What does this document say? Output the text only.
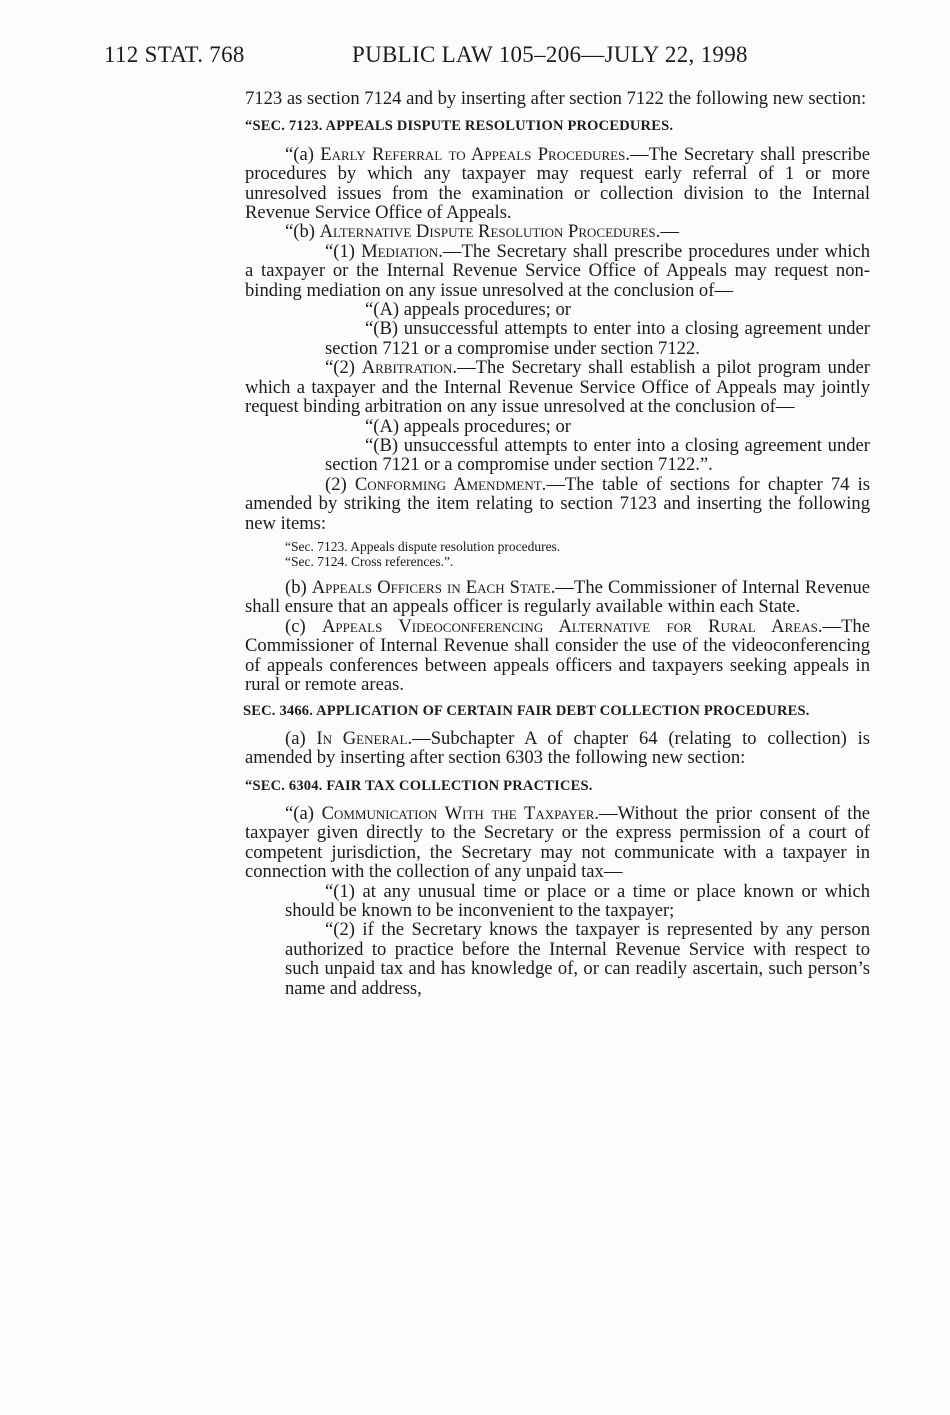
112 STAT. 768	PUBLIC LAW 105–206—JULY 22, 1998

7123 as section 7124 and by inserting after section 7122 the following new section:

“SEC. 7123. APPEALS DISPUTE RESOLUTION PROCEDURES.

“(a) Early Referral to Appeals Procedures.—The Secretary shall prescribe procedures by which any taxpayer may request early referral of 1 or more unresolved issues from the examination or collection division to the Internal Revenue Service Office of Appeals.

“(b) Alternative Dispute Resolution Procedures.—

“(1) Mediation.—The Secretary shall prescribe procedures under which a taxpayer or the Internal Revenue Service Office of Appeals may request non-binding mediation on any issue unresolved at the conclusion of—

“(A) appeals procedures; or

“(B) unsuccessful attempts to enter into a closing agreement under section 7121 or a compromise under section 7122.

“(2) Arbitration.—The Secretary shall establish a pilot program under which a taxpayer and the Internal Revenue Service Office of Appeals may jointly request binding arbitration on any issue unresolved at the conclusion of—

“(A) appeals procedures; or

“(B) unsuccessful attempts to enter into a closing agreement under section 7121 or a compromise under section 7122.”.

(2) Conforming Amendment.—The table of sections for chapter 74 is amended by striking the item relating to section 7123 and inserting the following new items:

“Sec. 7123. Appeals dispute resolution procedures.
“Sec. 7124. Cross references.”.

(b) Appeals Officers in Each State.—The Commissioner of Internal Revenue shall ensure that an appeals officer is regularly available within each State.

(c) Appeals Videoconferencing Alternative for Rural Areas.—The Commissioner of Internal Revenue shall consider the use of the videoconferencing of appeals conferences between appeals officers and taxpayers seeking appeals in rural or remote areas.

SEC. 3466. APPLICATION OF CERTAIN FAIR DEBT COLLECTION PROCEDURES.

(a) In General.—Subchapter A of chapter 64 (relating to collection) is amended by inserting after section 6303 the following new section:

“SEC. 6304. FAIR TAX COLLECTION PRACTICES.

“(a) Communication With the Taxpayer.—Without the prior consent of the taxpayer given directly to the Secretary or the express permission of a court of competent jurisdiction, the Secretary may not communicate with a taxpayer in connection with the collection of any unpaid tax—

“(1) at any unusual time or place or a time or place known or which should be known to be inconvenient to the taxpayer;

“(2) if the Secretary knows the taxpayer is represented by any person authorized to practice before the Internal Revenue Service with respect to such unpaid tax and has knowledge of, or can readily ascertain, such person’s name and address,
